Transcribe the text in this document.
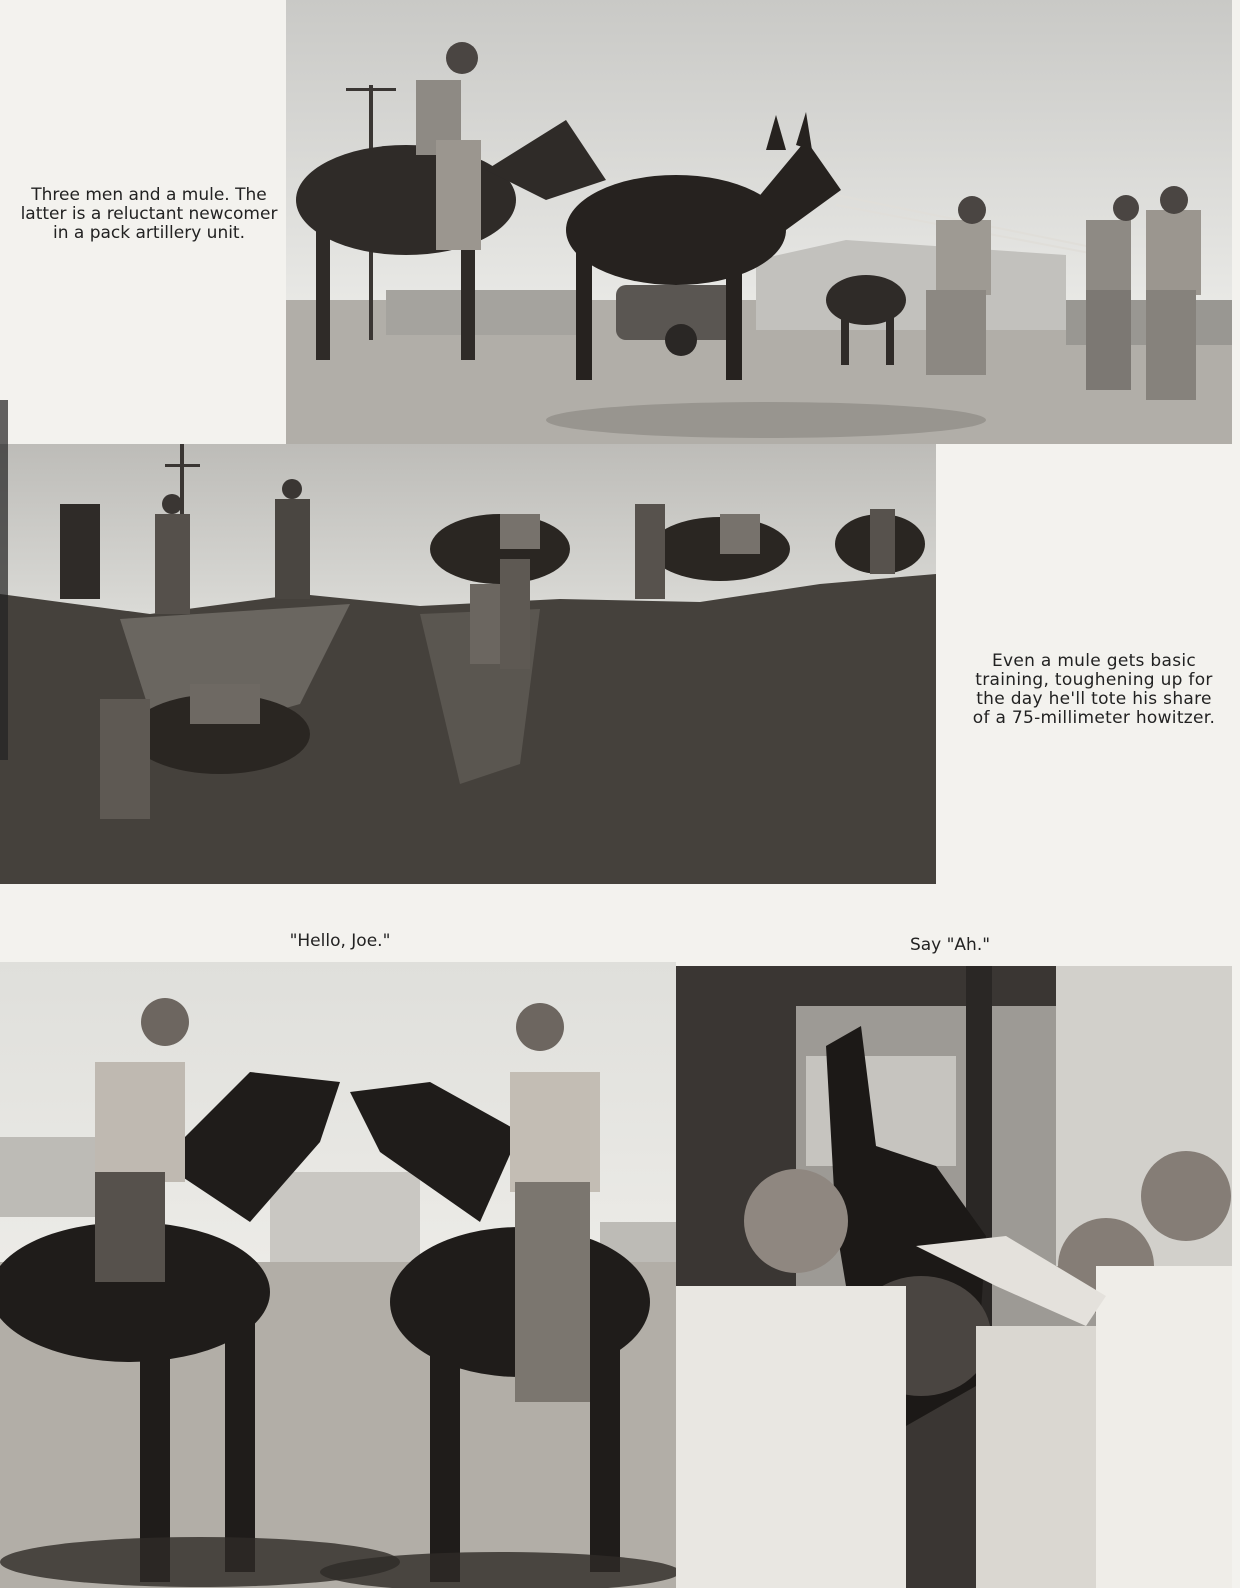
Three men and a mule. The latter is a reluctant newcomer in a pack artillery unit.
Even a mule gets basic training, toughening up for the day he'll tote his share of a 75-millimeter howitzer.
"Hello, Joe."	Say "Ah."
